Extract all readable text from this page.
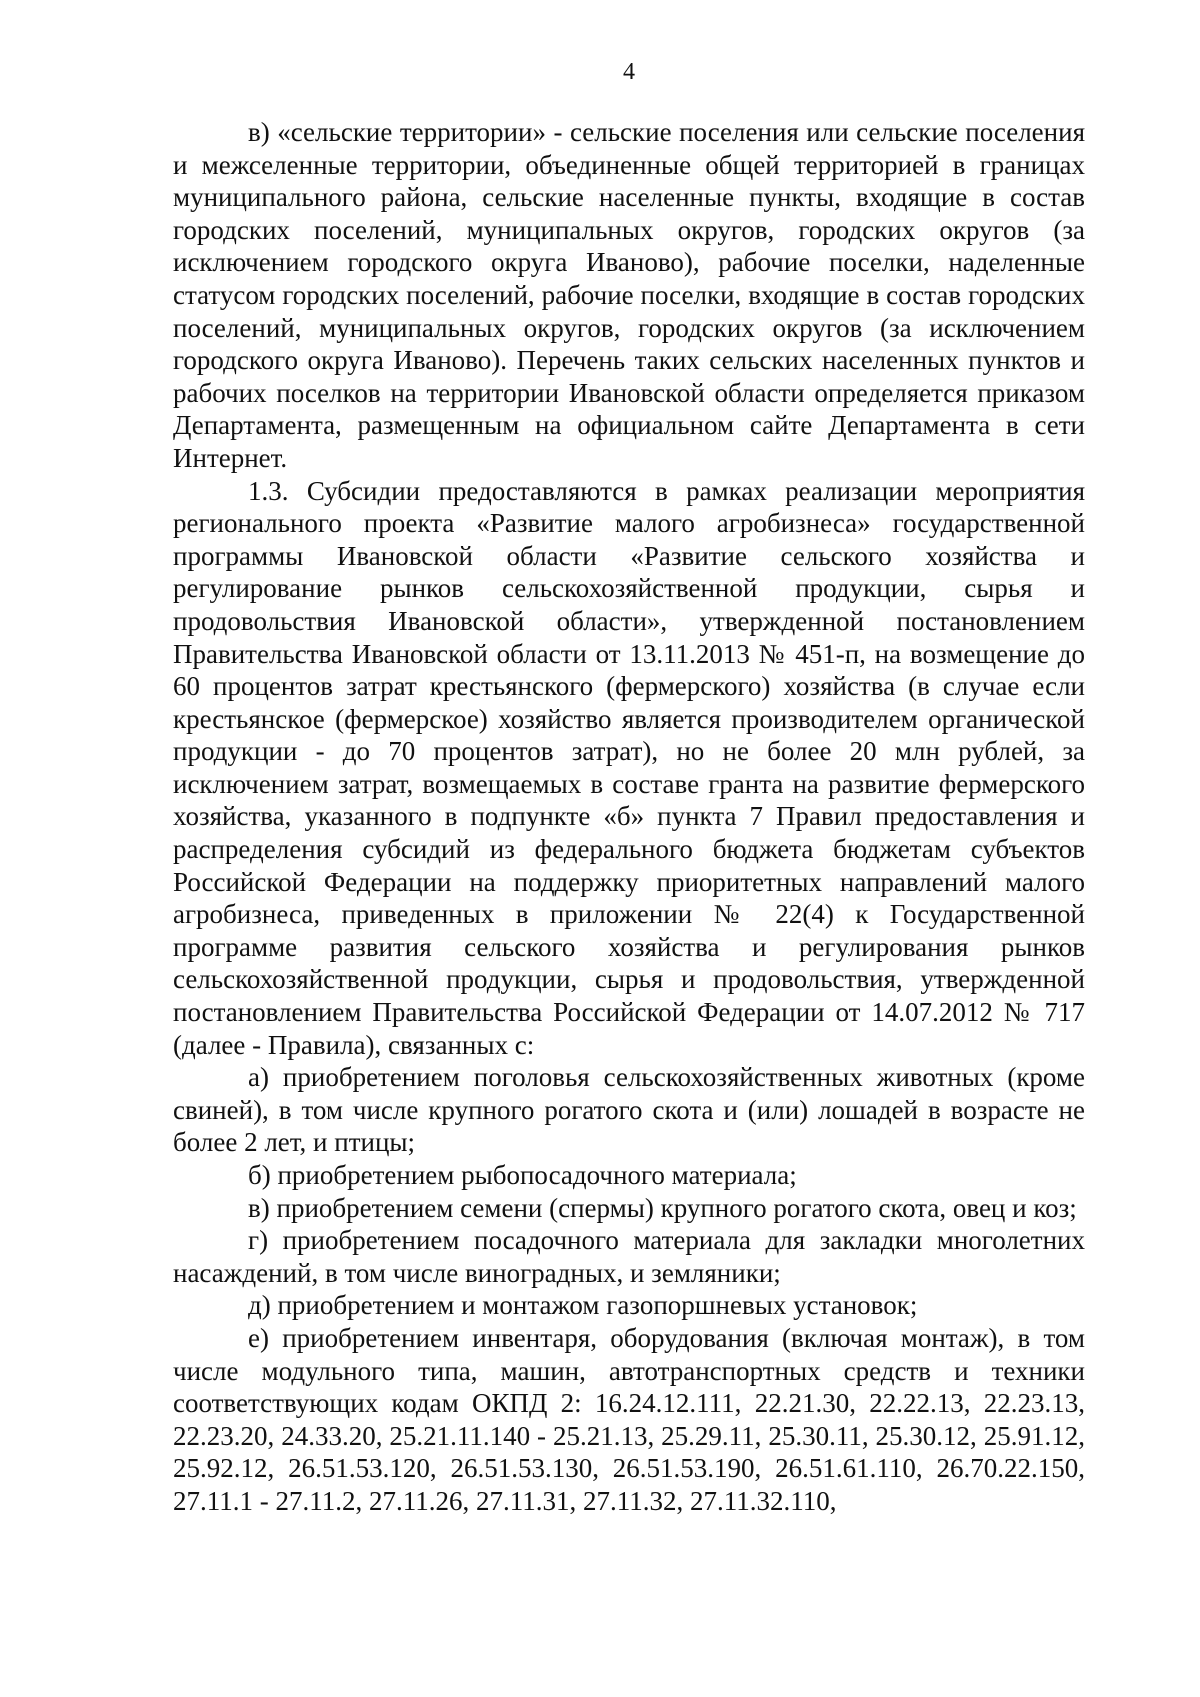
4

в) «сельские территории» - сельские поселения или сельские поселения и межселенные территории, объединенные общей территорией в границах муниципального района, сельские населенные пункты, входящие в состав городских поселений, муниципальных округов, городских округов (за исключением городского округа Иваново), рабочие поселки, наделенные статусом городских поселений, рабочие поселки, входящие в состав городских поселений, муниципальных округов, городских округов (за исключением городского округа Иваново). Перечень таких сельских населенных пунктов и рабочих поселков на территории Ивановской области определяется приказом Департамента, размещенным на официальном сайте Департамента в сети Интернет.

1.3. Субсидии предоставляются в рамках реализации мероприятия регионального проекта «Развитие малого агробизнеса» государственной программы Ивановской области «Развитие сельского хозяйства и регулирование рынков сельскохозяйственной продукции, сырья и продовольствия Ивановской области», утвержденной постановлением Правительства Ивановской области от 13.11.2013 № 451-п, на возмещение до 60 процентов затрат крестьянского (фермерского) хозяйства (в случае если крестьянское (фермерское) хозяйство является производителем органической продукции - до 70 процентов затрат), но не более 20 млн рублей, за исключением затрат, возмещаемых в составе гранта на развитие фермерского хозяйства, указанного в подпункте «б» пункта 7 Правил предоставления и распределения субсидий из федерального бюджета бюджетам субъектов Российской Федерации на поддержку приоритетных направлений малого агробизнеса, приведенных в приложении № 22(4) к Государственной программе развития сельского хозяйства и регулирования рынков сельскохозяйственной продукции, сырья и продовольствия, утвержденной постановлением Правительства Российской Федерации от 14.07.2012 № 717 (далее - Правила), связанных с:

а) приобретением поголовья сельскохозяйственных животных (кроме свиней), в том числе крупного рогатого скота и (или) лошадей в возрасте не более 2 лет, и птицы;

б) приобретением рыбопосадочного материала;

в) приобретением семени (спермы) крупного рогатого скота, овец и коз;

г) приобретением посадочного материала для закладки многолетних насаждений, в том числе виноградных, и земляники;

д) приобретением и монтажом газопоршневых установок;

е) приобретением инвентаря, оборудования (включая монтаж), в том числе модульного типа, машин, автотранспортных средств и техники соответствующих кодам ОКПД 2: 16.24.12.111, 22.21.30, 22.22.13, 22.23.13, 22.23.20, 24.33.20, 25.21.11.140 - 25.21.13, 25.29.11, 25.30.11, 25.30.12, 25.91.12, 25.92.12, 26.51.53.120, 26.51.53.130, 26.51.53.190, 26.51.61.110, 26.70.22.150, 27.11.1 - 27.11.2, 27.11.26, 27.11.31, 27.11.32, 27.11.32.110,
